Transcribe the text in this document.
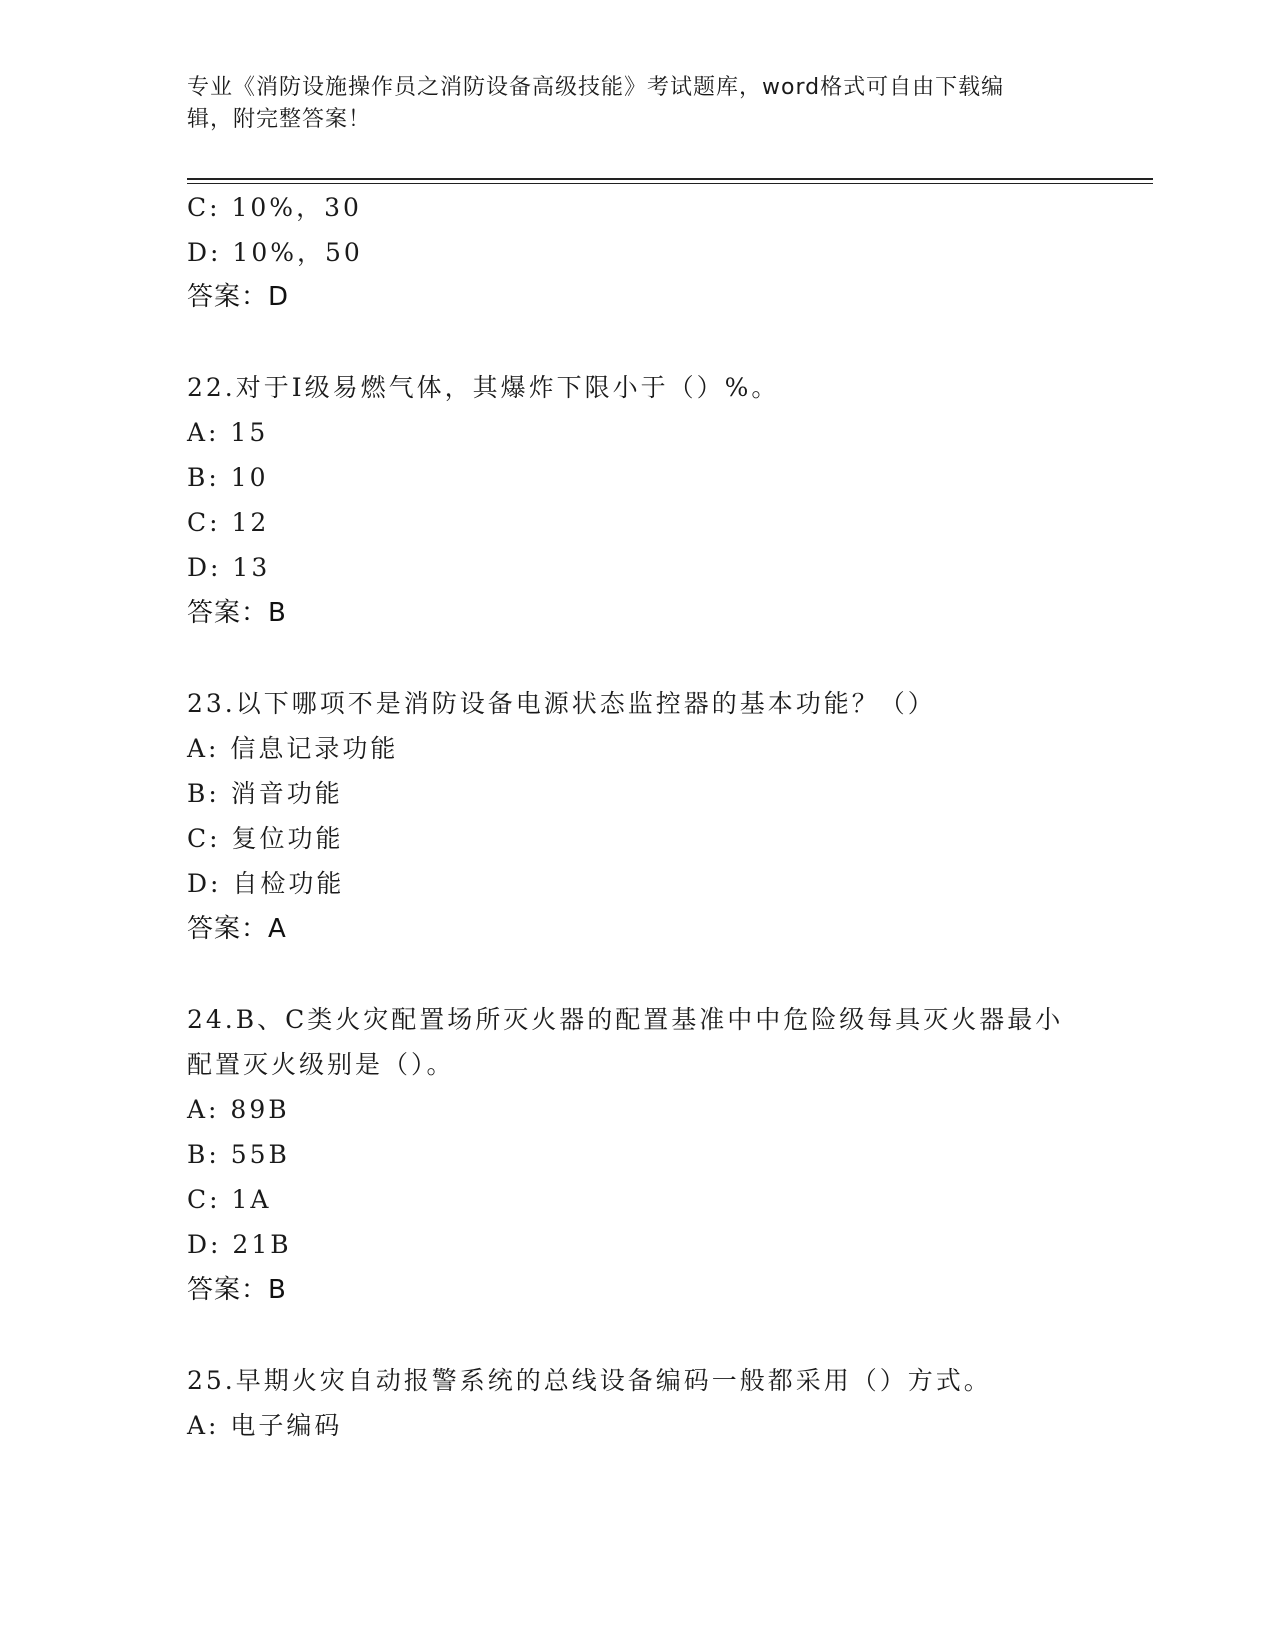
专业《消防设施操作员之消防设备高级技能》考试题库，word格式可自由下载编
辑，附完整答案！
C: 10%，30
D: 10%，50
答案：D
22.对于Ⅰ级易燃气体，其爆炸下限小于（）%。
A: 15
B: 10
C: 12
D: 13
答案：B
23.以下哪项不是消防设备电源状态监控器的基本功能？（）
A: 信息记录功能
B: 消音功能
C: 复位功能
D: 自检功能
答案：A
24.B、C类火灾配置场所灭火器的配置基准中中危险级每具灭火器最小
配置灭火级别是（）。
A: 89B
B: 55B
C: 1A
D: 21B
答案：B
25.早期火灾自动报警系统的总线设备编码一般都采用（）方式。
A: 电子编码
